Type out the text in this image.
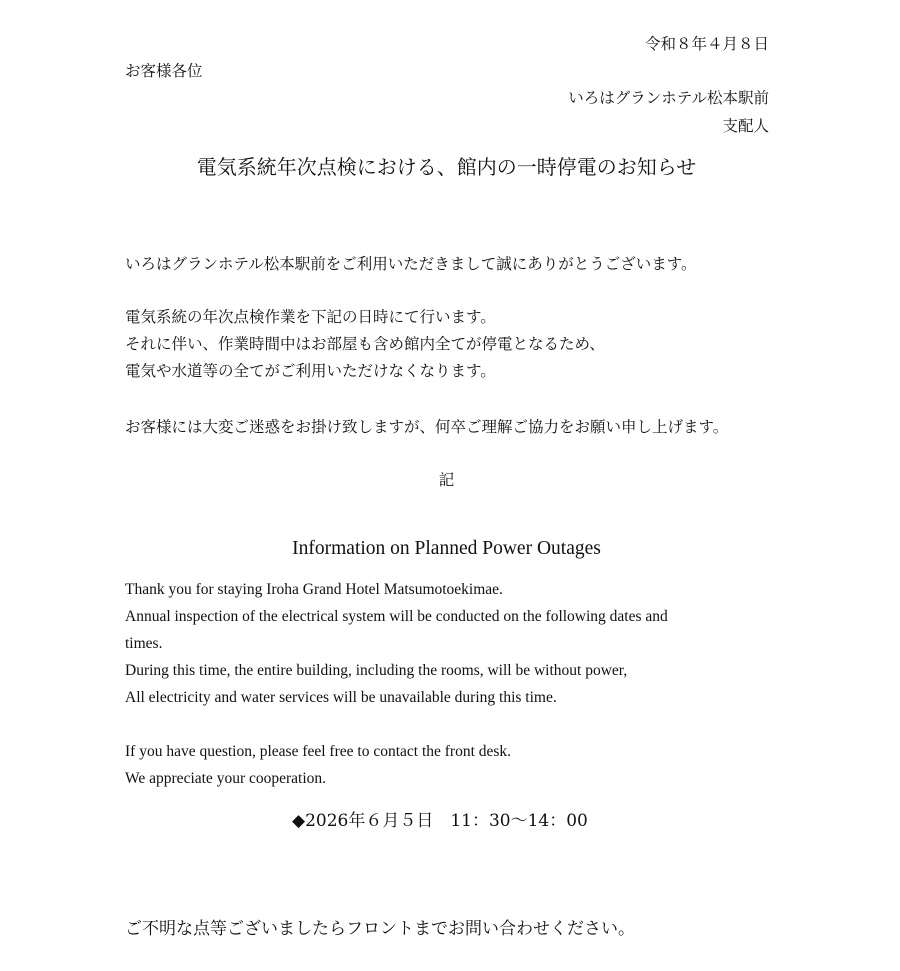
令和８年４月８日
お客様各位
いろはグランホテル松本駅前
支配人
電気系統年次点検における、館内の一時停電のお知らせ
いろはグランホテル松本駅前をご利用いただきまして誠にありがとうございます。
電気系統の年次点検作業を下記の日時にて行います。
それに伴い、作業時間中はお部屋も含め館内全てが停電となるため、
電気や水道等の全てがご利用いただけなくなります。
お客様には大変ご迷惑をお掛け致しますが、何卒ご理解ご協力をお願い申し上げます。
記
Information on Planned Power Outages
Thank you for staying Iroha Grand Hotel Matsumotoekimae.
Annual inspection of the electrical system will be conducted on the following dates and
times.
During this time, the entire building, including the rooms, will be without power,
All electricity and water services will be unavailable during this time.
If you have question, please feel free to contact the front desk.
We appreciate your cooperation.
◆2026年６月５日　11：30〜14：00
ご不明な点等ございましたらフロントまでお問い合わせください。
